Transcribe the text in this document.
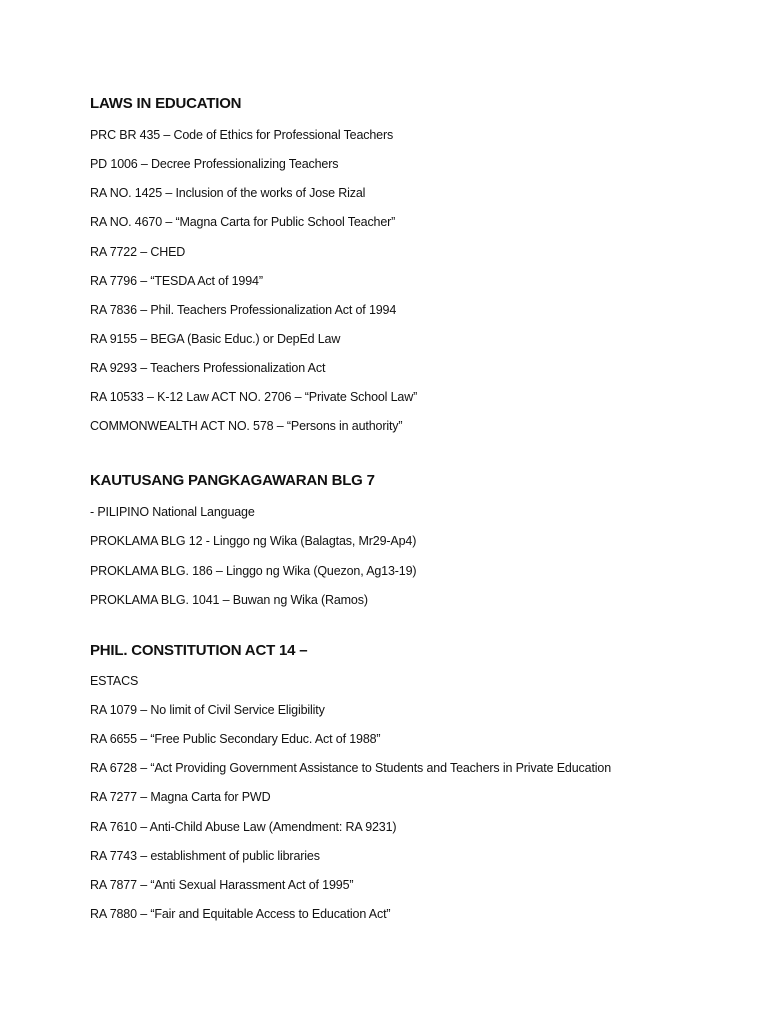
LAWS IN EDUCATION
PRC BR 435 – Code of Ethics for Professional Teachers
PD 1006 – Decree Professionalizing Teachers
RA NO. 1425 – Inclusion of the works of Jose Rizal
RA NO. 4670 – “Magna Carta for Public School Teacher”
RA 7722 – CHED
RA 7796 – “TESDA Act of 1994”
RA 7836 – Phil. Teachers Professionalization Act of 1994
RA 9155 – BEGA (Basic Educ.) or DepEd Law
RA 9293 – Teachers Professionalization Act
RA 10533 – K-12 Law ACT NO. 2706 – “Private School Law”
COMMONWEALTH ACT NO. 578 – “Persons in authority”
KAUTUSANG PANGKAGAWARAN BLG 7
- PILIPINO National Language
PROKLAMA BLG 12 - Linggo ng Wika (Balagtas, Mr29-Ap4)
PROKLAMA BLG. 186 – Linggo ng Wika (Quezon, Ag13-19)
PROKLAMA BLG. 1041 – Buwan ng Wika (Ramos)
PHIL. CONSTITUTION ACT 14 –
ESTACS
RA 1079 – No limit of Civil Service Eligibility
RA 6655 – “Free Public Secondary Educ. Act of 1988”
RA 6728 – “Act Providing Government Assistance to Students and Teachers in Private Education
RA 7277 – Magna Carta for PWD
RA 7610 – Anti-Child Abuse Law (Amendment: RA 9231)
RA 7743 – establishment of public libraries
RA 7877 – “Anti Sexual Harassment Act of 1995”
RA 7880 – “Fair and Equitable Access to Education Act”
